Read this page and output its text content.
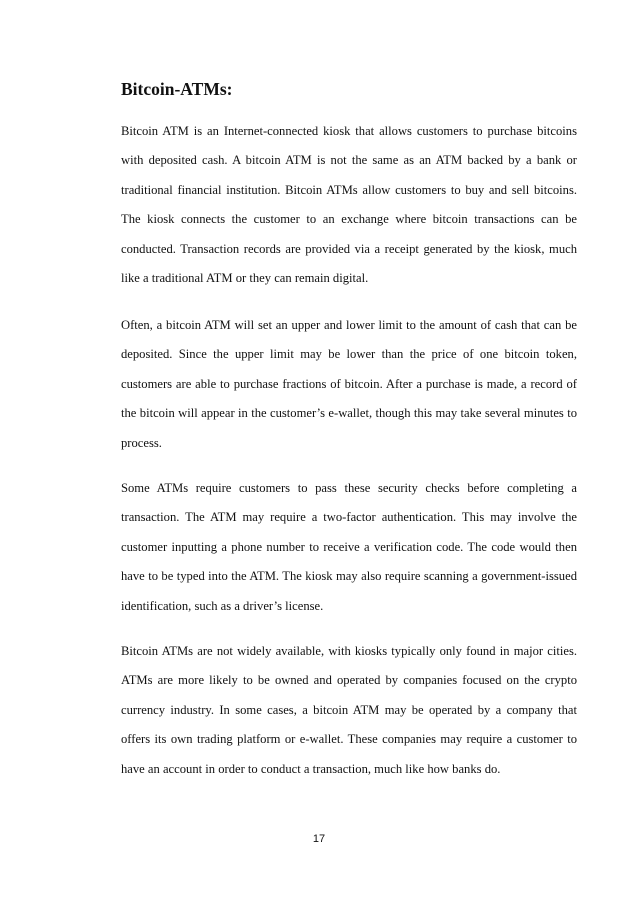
Bitcoin-ATMs:

Bitcoin ATM is an Internet-connected kiosk that allows customers to purchase bitcoins with deposited cash. A bitcoin ATM is not the same as an ATM backed by a bank or traditional financial institution. Bitcoin ATMs allow customers to buy and sell bitcoins. The kiosk connects the customer to an exchange where bitcoin transactions can be conducted. Transaction records are provided via a receipt generated by the kiosk, much like a traditional ATM or they can remain digital.

Often, a bitcoin ATM will set an upper and lower limit to the amount of cash that can be deposited. Since the upper limit may be lower than the price of one bitcoin token, customers are able to purchase fractions of bitcoin. After a purchase is made, a record of the bitcoin will appear in the customer’s e-wallet, though this may take several minutes to process.

Some ATMs require customers to pass these security checks before completing a transaction. The ATM may require a two-factor authentication. This may involve the customer inputting a phone number to receive a verification code. The code would then have to be typed into the ATM. The kiosk may also require scanning a government-issued identification, such as a driver’s license.

Bitcoin ATMs are not widely available, with kiosks typically only found in major cities. ATMs are more likely to be owned and operated by companies focused on the crypto currency industry. In some cases, a bitcoin ATM may be operated by a company that offers its own trading platform or e-wallet. These companies may require a customer to have an account in order to conduct a transaction, much like how banks do.

17
